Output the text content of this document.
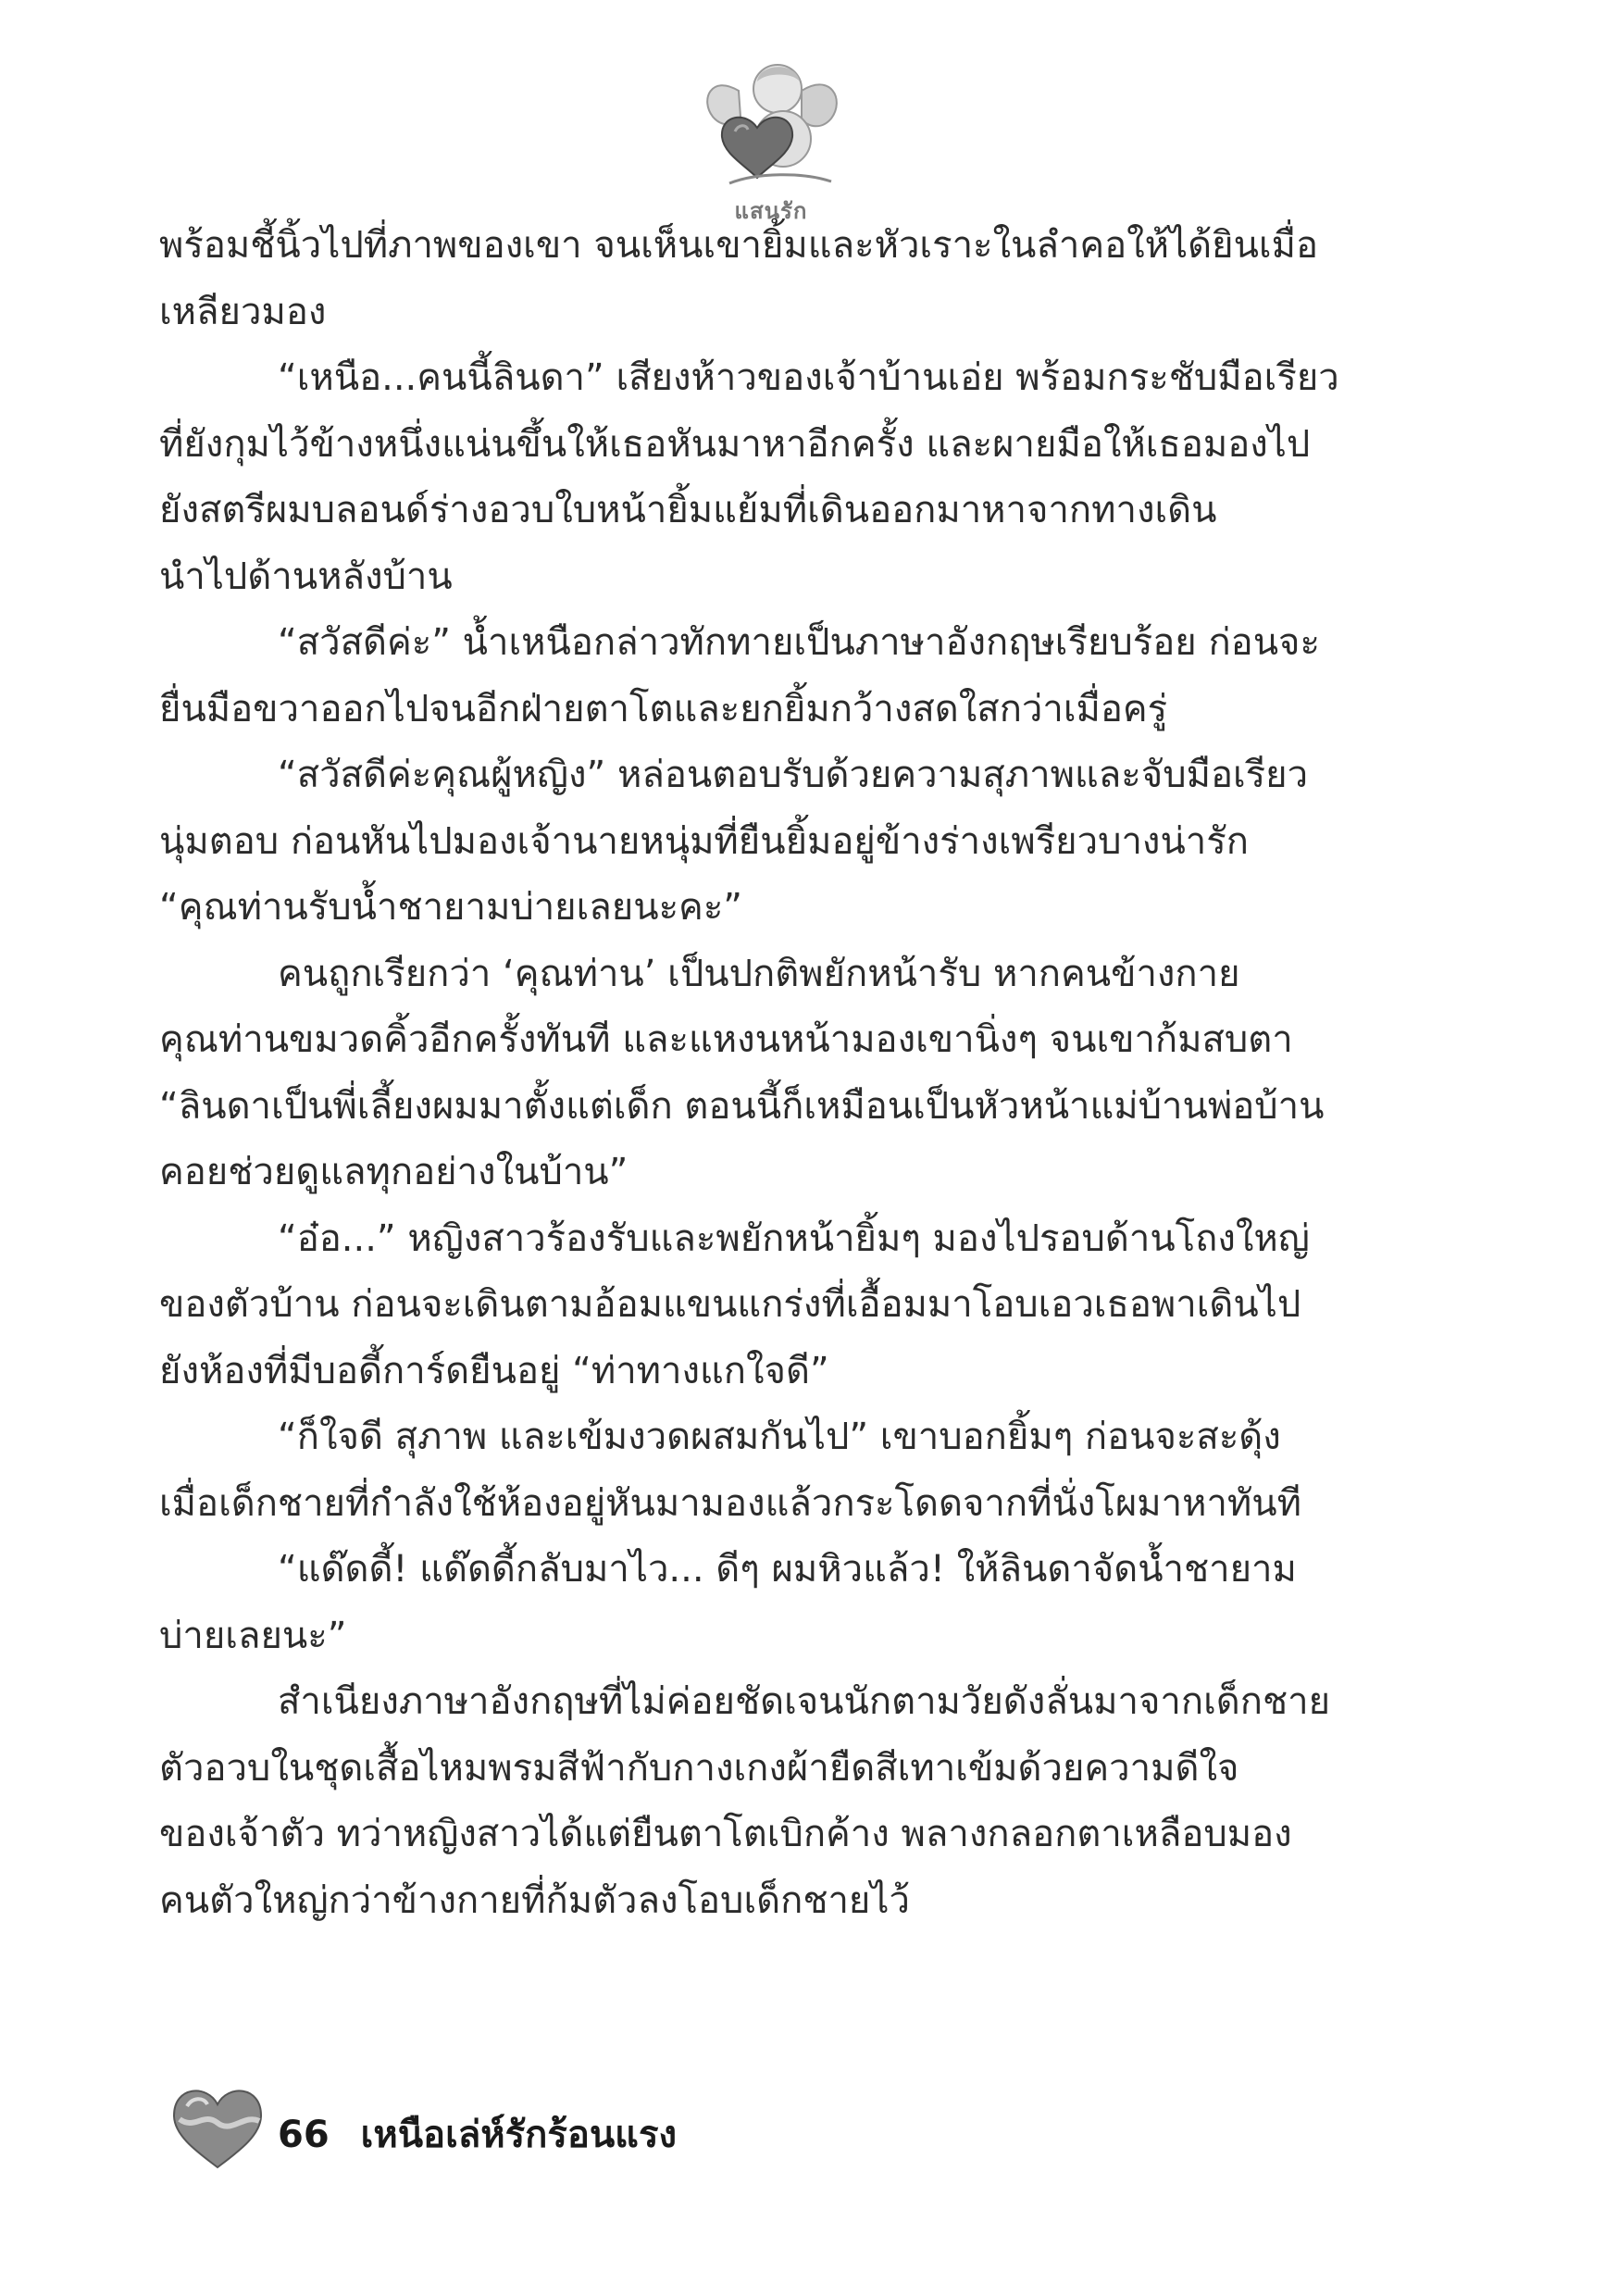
แสนรัก
พร้อมชี้นิ้วไปที่ภาพของเขา จนเห็นเขายิ้มและหัวเราะในลำคอให้ได้ยินเมื่อ
เหลียวมอง
“เหนือ...คนนี้ลินดา” เสียงห้าวของเจ้าบ้านเอ่ย พร้อมกระชับมือเรียว
ที่ยังกุมไว้ข้างหนึ่งแน่นขึ้นให้เธอหันมาหาอีกครั้ง และผายมือให้เธอมองไป
ยังสตรีผมบลอนด์ร่างอวบใบหน้ายิ้มแย้มที่เดินออกมาหาจากทางเดิน
นำไปด้านหลังบ้าน
“สวัสดีค่ะ” น้ำเหนือกล่าวทักทายเป็นภาษาอังกฤษเรียบร้อย ก่อนจะ
ยื่นมือขวาออกไปจนอีกฝ่ายตาโตและยกยิ้มกว้างสดใสกว่าเมื่อครู่
“สวัสดีค่ะคุณผู้หญิง” หล่อนตอบรับด้วยความสุภาพและจับมือเรียว
นุ่มตอบ ก่อนหันไปมองเจ้านายหนุ่มที่ยืนยิ้มอยู่ข้างร่างเพรียวบางน่ารัก
“คุณท่านรับน้ำชายามบ่ายเลยนะคะ”
คนถูกเรียกว่า ‘คุณท่าน’ เป็นปกติพยักหน้ารับ หากคนข้างกาย
คุณท่านขมวดคิ้วอีกครั้งทันที และแหงนหน้ามองเขานิ่งๆ จนเขาก้มสบตา
“ลินดาเป็นพี่เลี้ยงผมมาตั้งแต่เด็ก ตอนนี้ก็เหมือนเป็นหัวหน้าแม่บ้านพ่อบ้าน
คอยช่วยดูแลทุกอย่างในบ้าน”
“อ๋อ...” หญิงสาวร้องรับและพยักหน้ายิ้มๆ มองไปรอบด้านโถงใหญ่
ของตัวบ้าน ก่อนจะเดินตามอ้อมแขนแกร่งที่เอื้อมมาโอบเอวเธอพาเดินไป
ยังห้องที่มีบอดี้การ์ดยืนอยู่ “ท่าทางแกใจดี”
“ก็ใจดี สุภาพ และเข้มงวดผสมกันไป” เขาบอกยิ้มๆ ก่อนจะสะดุ้ง
เมื่อเด็กชายที่กำลังใช้ห้องอยู่หันมามองแล้วกระโดดจากที่นั่งโผมาหาทันที
“แด๊ดดี้! แด๊ดดี้กลับมาไว... ดีๆ ผมหิวแล้ว! ให้ลินดาจัดน้ำชายาม
บ่ายเลยนะ”
สำเนียงภาษาอังกฤษที่ไม่ค่อยชัดเจนนักตามวัยดังลั่นมาจากเด็กชาย
ตัวอวบในชุดเสื้อไหมพรมสีฟ้ากับกางเกงผ้ายืดสีเทาเข้มด้วยความดีใจ
ของเจ้าตัว ทว่าหญิงสาวได้แต่ยืนตาโตเบิกค้าง พลางกลอกตาเหลือบมอง
คนตัวใหญ่กว่าข้างกายที่ก้มตัวลงโอบเด็กชายไว้
66 เหนือเล่ห์รักร้อนแรง
